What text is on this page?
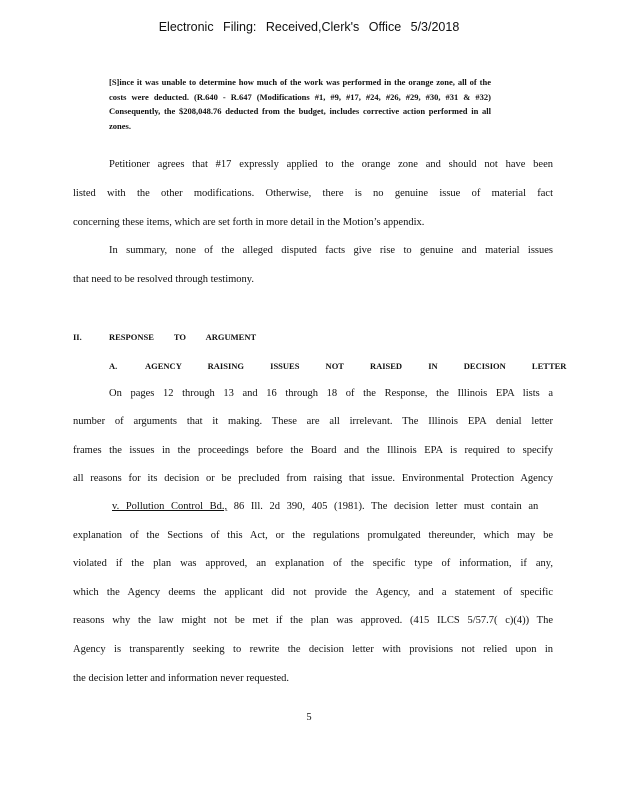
Electronic Filing: Received,Clerk's Office 5/3/2018
[S]ince it was unable to determine how much of the work was performed in the orange zone, all of the costs were deducted. (R.640 - R.647 (Modifications #1, #9, #17, #24, #26, #29, #30, #31 & #32) Consequently, the $208,048.76 deducted from the budget, includes corrective action performed in all zones.
Petitioner agrees that #17 expressly applied to the orange zone and should not have been
listed with the other modifications. Otherwise, there is no genuine issue of material fact
concerning these items, which are set forth in more detail in the Motion’s appendix.
In summary, none of the alleged disputed facts give rise to genuine and material issues
that need to be resolved through testimony.
II.	RESPONSE TO ARGUMENT
A.	AGENCY RAISING ISSUES NOT RAISED IN DECISION LETTER
On pages 12 through 13 and 16 through 18 of the Response, the Illinois EPA lists a
number of arguments that it making. These are all irrelevant. The Illinois EPA denial letter
frames the issues in the proceedings before the Board and the Illinois EPA is required to specify
all reasons for its decision or be precluded from raising that issue. Environmental Protection Agency
v. Pollution Control Bd., 86 Ill. 2d 390, 405 (1981). The decision letter must contain an
explanation of the Sections of this Act, or the regulations promulgated thereunder, which may be
violated if the plan was approved, an explanation of the specific type of information, if any,
which the Agency deems the applicant did not provide the Agency, and a statement of specific
reasons why the law might not be met if the plan was approved. (415 ILCS 5/57.7( c)(4)) The
Agency is transparently seeking to rewrite the decision letter with provisions not relied upon in
the decision letter and information never requested.
5
